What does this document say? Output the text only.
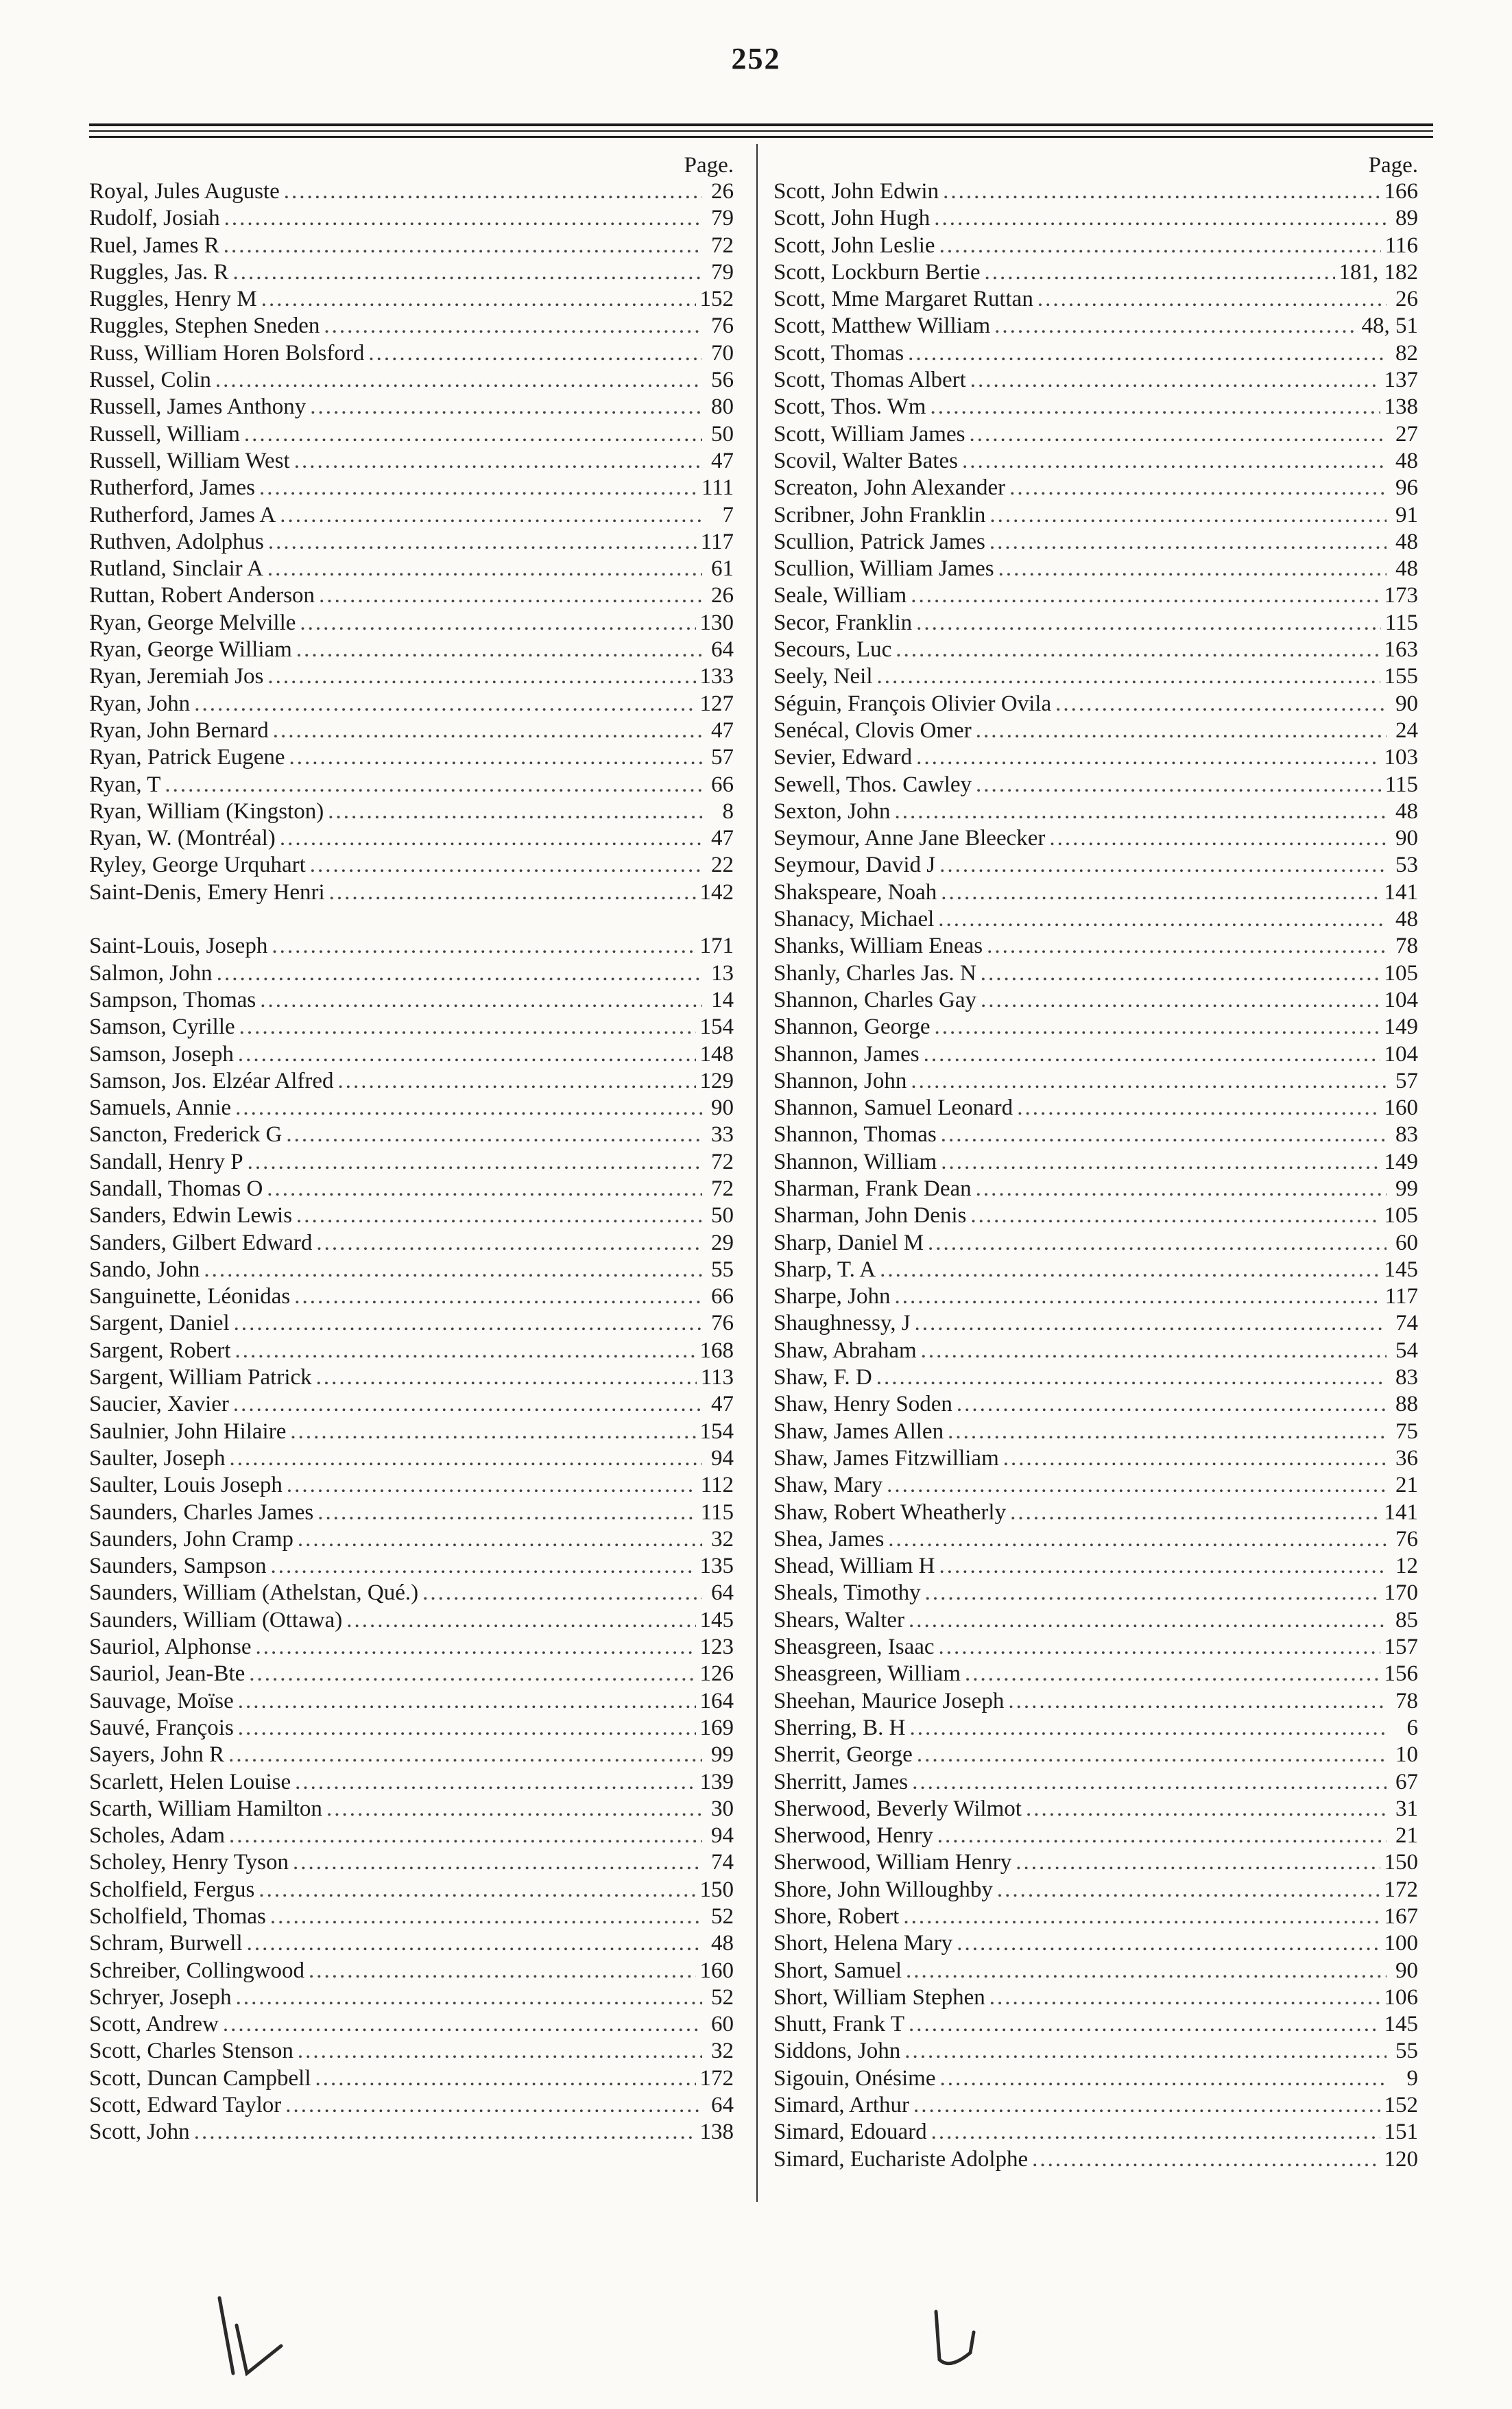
252
Page.
Royal, Jules Auguste .....	26
Rudolf, Josiah .....	79
Ruel, James R .....	72
Ruggles, Jas. R .....	79
Ruggles, Henry M .....	152
Ruggles, Stephen Sneden .....	76
Russ, William Horen Bolsford .....	70
Russel, Colin .....	56
Russell, James Anthony .....	80
Russell, William .....	50
Russell, William West .....	47
Rutherford, James .....	111
Rutherford, James A .....	7
Ruthven, Adolphus .....	117
Rutland, Sinclair A .....	61
Ruttan, Robert Anderson .....	26
Ryan, George Melville .....	130
Ryan, George William .....	64
Ryan, Jeremiah Jos .....	133
Ryan, John .....	127
Ryan, John Bernard .....	47
Ryan, Patrick Eugene .....	57
Ryan, T .....	66
Ryan, William (Kingston) .....	8
Ryan, W. (Montréal) .....	47
Ryley, George Urquhart .....	22
Saint-Denis, Emery Henri .....	142
Saint-Louis, Joseph .....	171
Salmon, John .....	13
Sampson, Thomas .....	14
Samson, Cyrille .....	154
Samson, Joseph .....	148
Samson, Jos. Elzéar Alfred .....	129
Samuels, Annie .....	90
Sancton, Frederick G .....	33
Sandall, Henry P .....	72
Sandall, Thomas O .....	72
Sanders, Edwin Lewis .....	50
Sanders, Gilbert Edward .....	29
Sando, John .....	55
Sanguinette, Léonidas .....	66
Sargent, Daniel .....	76
Sargent, Robert .....	168
Sargent, William Patrick .....	113
Saucier, Xavier .....	47
Saulnier, John Hilaire .....	154
Saulter, Joseph .....	94
Saulter, Louis Joseph .....	112
Saunders, Charles James .....	115
Saunders, John Cramp .....	32
Saunders, Sampson .....	135
Saunders, William (Athelstan, Qué.) .....	64
Saunders, William (Ottawa) .....	145
Sauriol, Alphonse .....	123
Sauriol, Jean-Bte .....	126
Sauvage, Moïse .....	164
Sauvé, François .....	169
Sayers, John R .....	99
Scarlett, Helen Louise .....	139
Scarth, William Hamilton .....	30
Scholes, Adam .....	94
Scholey, Henry Tyson .....	74
Scholfield, Fergus .....	150
Scholfield, Thomas .....	52
Schram, Burwell .....	48
Schreiber, Collingwood .....	160
Schryer, Joseph .....	52
Scott, Andrew .....	60
Scott, Charles Stenson .....	32
Scott, Duncan Campbell .....	172
Scott, Edward Taylor .....	64
Scott, John .....	138
Page.
Scott, John Edwin .....	166
Scott, John Hugh .....	89
Scott, John Leslie .....	116
Scott, Lockburn Bertie .....	181, 182
Scott, Mme Margaret Ruttan .....	26
Scott, Matthew William .....	48, 51
Scott, Thomas .....	82
Scott, Thomas Albert .....	137
Scott, Thos. Wm .....	138
Scott, William James .....	27
Scovil, Walter Bates .....	48
Screaton, John Alexander .....	96
Scribner, John Franklin .....	91
Scullion, Patrick James .....	48
Scullion, William James .....	48
Seale, William .....	173
Secor, Franklin .....	115
Secours, Luc .....	163
Seely, Neil .....	155
Séguin, François Olivier Ovila .....	90
Senécal, Clovis Omer .....	24
Sevier, Edward .....	103
Sewell, Thos. Cawley .....	115
Sexton, John .....	48
Seymour, Anne Jane Bleecker .....	90
Seymour, David J .....	53
Shakspeare, Noah .....	141
Shanacy, Michael .....	48
Shanks, William Eneas .....	78
Shanly, Charles Jas. N .....	105
Shannon, Charles Gay .....	104
Shannon, George .....	149
Shannon, James .....	104
Shannon, John .....	57
Shannon, Samuel Leonard .....	160
Shannon, Thomas .....	83
Shannon, William .....	149
Sharman, Frank Dean .....	99
Sharman, John Denis .....	105
Sharp, Daniel M .....	60
Sharp, T. A .....	145
Sharpe, John .....	117
Shaughnessy, J .....	74
Shaw, Abraham .....	54
Shaw, F. D .....	83
Shaw, Henry Soden .....	88
Shaw, James Allen .....	75
Shaw, James Fitzwilliam .....	36
Shaw, Mary .....	21
Shaw, Robert Wheatherly .....	141
Shea, James .....	76
Shead, William H .....	12
Sheals, Timothy .....	170
Shears, Walter .....	85
Sheasgreen, Isaac .....	157
Sheasgreen, William .....	156
Sheehan, Maurice Joseph .....	78
Sherring, B. H .....	6
Sherrit, George .....	10
Sherritt, James .....	67
Sherwood, Beverly Wilmot .....	31
Sherwood, Henry .....	21
Sherwood, William Henry .....	150
Shore, John Willoughby .....	172
Shore, Robert .....	167
Short, Helena Mary .....	100
Short, Samuel .....	90
Short, William Stephen .....	106
Shutt, Frank T .....	145
Siddons, John .....	55
Sigouin, Onésime .....	9
Simard, Arthur .....	152
Simard, Edouard .....	151
Simard, Euchariste Adolphe .....	120
